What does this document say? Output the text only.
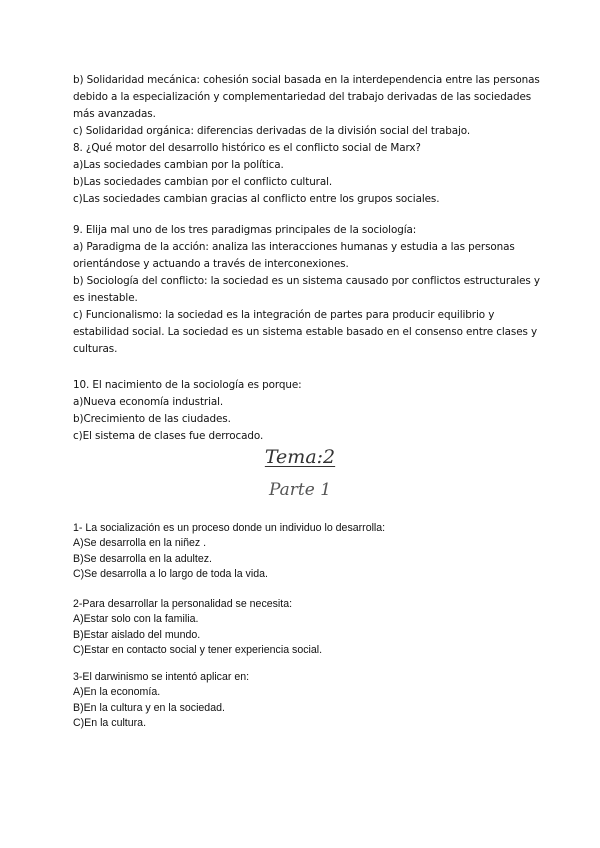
b) Solidaridad mecánica: cohesión social basada en la interdependencia entre las personas
debido a la especialización y complementariedad del trabajo derivadas de las sociedades
más avanzadas.
c) Solidaridad orgánica: diferencias derivadas de la división social del trabajo.
8. ¿Qué motor del desarrollo histórico es el conflicto social de Marx?
a)Las sociedades cambian por la política.
b)Las sociedades cambian por el conflicto cultural.
c)Las sociedades cambian gracias al conflicto entre los grupos sociales.
9. Elija mal uno de los tres paradigmas principales de la sociología:
a) Paradigma de la acción: analiza las interacciones humanas y estudia a las personas
orientándose y actuando a través de interconexiones.
b) Sociología del conflicto: la sociedad es un sistema causado por conflictos estructurales y
es inestable.
c) Funcionalismo: la sociedad es la integración de partes para producir equilibrio y
estabilidad social. La sociedad es un sistema estable basado en el consenso entre clases y
culturas.
10. El nacimiento de la sociología es porque:
a)Nueva economía industrial.
b)Crecimiento de las ciudades.
c)El sistema de clases fue derrocado.
Tema:2
Parte 1
1- La socialización es un proceso donde un individuo lo desarrolla:
A)Se desarrolla en la niñez .
B)Se desarrolla en la adultez.
C)Se desarrolla a lo largo de toda la vida.
2-Para desarrollar la personalidad se necesita:
A)Estar solo con la familia.
B)Estar aislado del mundo.
C)Estar en contacto social y tener experiencia social.
3-El darwinismo se intentó aplicar en:
A)En la economía.
B)En la cultura y en la sociedad.
C)En la cultura.
